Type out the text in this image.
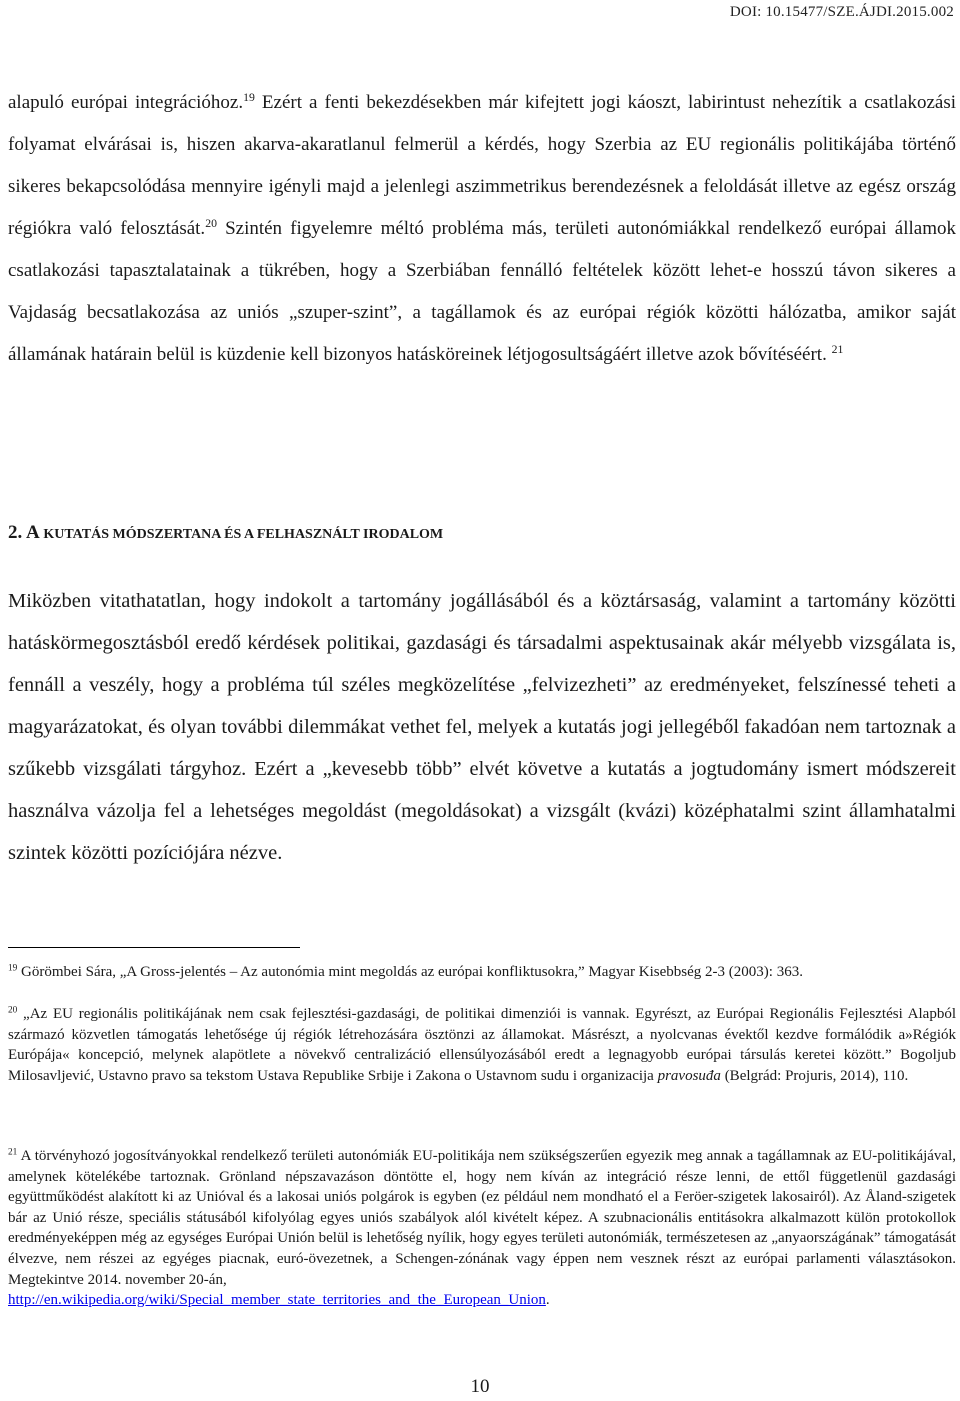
DOI: 10.15477/SZE.ÁJDI.2015.002

alapuló európai integrációhoz.$^{19}$ Ezért a fenti bekezdésekben már kifejtett jogi káoszt, labirintust nehezítik a csatlakozási folyamat elvárásai is, hiszen akarva-akaratlanul felmerül a kérdés, hogy Szerbia az EU regionális politikájába történő sikeres bekapcsolódása mennyire igényli majd a jelenlegi aszimmetrikus berendezésnek a feloldását illetve az egész ország régiókra való felosztását.$^{20}$ Szintén figyelemre méltó probléma más, területi autonómiákkal rendelkező európai államok csatlakozási tapasztalatainak a tükrében, hogy a Szerbiában fennálló feltételek között lehet-e hosszú távon sikeres a Vajdaság becsatlakozása az uniós „szuper-szint”, a tagállamok és az európai régiók közötti hálózatba, amikor saját államának határain belül is küzdenie kell bizonyos hatásköreinek létjogosultságáért illetve azok bővítéséért. $^{21}$

2. A KUTATÁS MÓDSZERTANA ÉS A FELHASZNÁLT IRODALOM

Miközben vitathatatlan, hogy indokolt a tartomány jogállásából és a köztársaság, valamint a tartomány közötti hatáskörmegosztásból eredő kérdések politikai, gazdasági és társadalmi aspektusainak akár mélyebb vizsgálata is, fennáll a veszély, hogy a probléma túl széles megközelítése „felvizezheti” az eredményeket, felszínessé teheti a magyarázatokat, és olyan további dilemmákat vethet fel, melyek a kutatás jogi jellegéből fakadóan nem tartoznak a szűkebb vizsgálati tárgyhoz. Ezért a „kevesebb több” elvét követve a kutatás a jogtudomány ismert módszereit használva vázolja fel a lehetséges megoldást (megoldásokat) a vizsgált (kvázi) középhatalmi szint államhatalmi szintek közötti pozíciójára nézve.

$^{19}$ Görömbei Sára, „A Gross-jelentés – Az autonómia mint megoldás az európai konfliktusokra,” Magyar Kisebbség 2-3 (2003): 363.

$^{20}$ „Az EU regionális politikájának nem csak fejlesztési-gazdasági, de politikai dimenziói is vannak. Egyrészt, az Európai Regionális Fejlesztési Alapból származó közvetlen támogatás lehetősége új régiók létrehozására ösztönzi az államokat. Másrészt, a nyolcvanas évektől kezdve formálódik a»Régiók Európája« koncepció, melynek alapötlete a növekvő centralizáció ellensúlyozásából eredt a legnagyobb európai társulás keretei között.” Bogoljub Milosavljević, Ustavno pravo sa tekstom Ustava Republike Srbije i Zakona o Ustavnom sudu i organizacija pravosuđa (Belgrád: Projuris, 2014), 110.

$^{21}$ A törvényhozó jogosítványokkal rendelkező területi autonómiák EU-politikája nem szükségszerűen egyezik meg annak a tagállamnak az EU-politikájával, amelynek kötelékébe tartoznak. Grönland népszavazáson döntötte el, hogy nem kíván az integráció része lenni, de ettől függetlenül gazdasági együttműködést alakított ki az Unióval és a lakosai uniós polgárok is egyben (ez például nem mondható el a Feröer-szigetek lakosairól). Az Åland-szigetek bár az Unió része, speciális státusából kifolyólag egyes uniós szabályok alól kivételt képez. A szubnacionális entitásokra alkalmazott külön protokollok eredményeképpen még az egységes Európai Unión belül is lehetőség nyílik, hogy egyes területi autonómiák, természetesen az „anyaországának” támogatását élvezve, nem részei az egyéges piacnak, euró-övezetnek, a Schengen-zónának vagy éppen nem vesznek részt az európai parlamenti választásokon. Megtekintve 2014. november 20-án,
http://en.wikipedia.org/wiki/Special_member_state_territories_and_the_European_Union.

10
